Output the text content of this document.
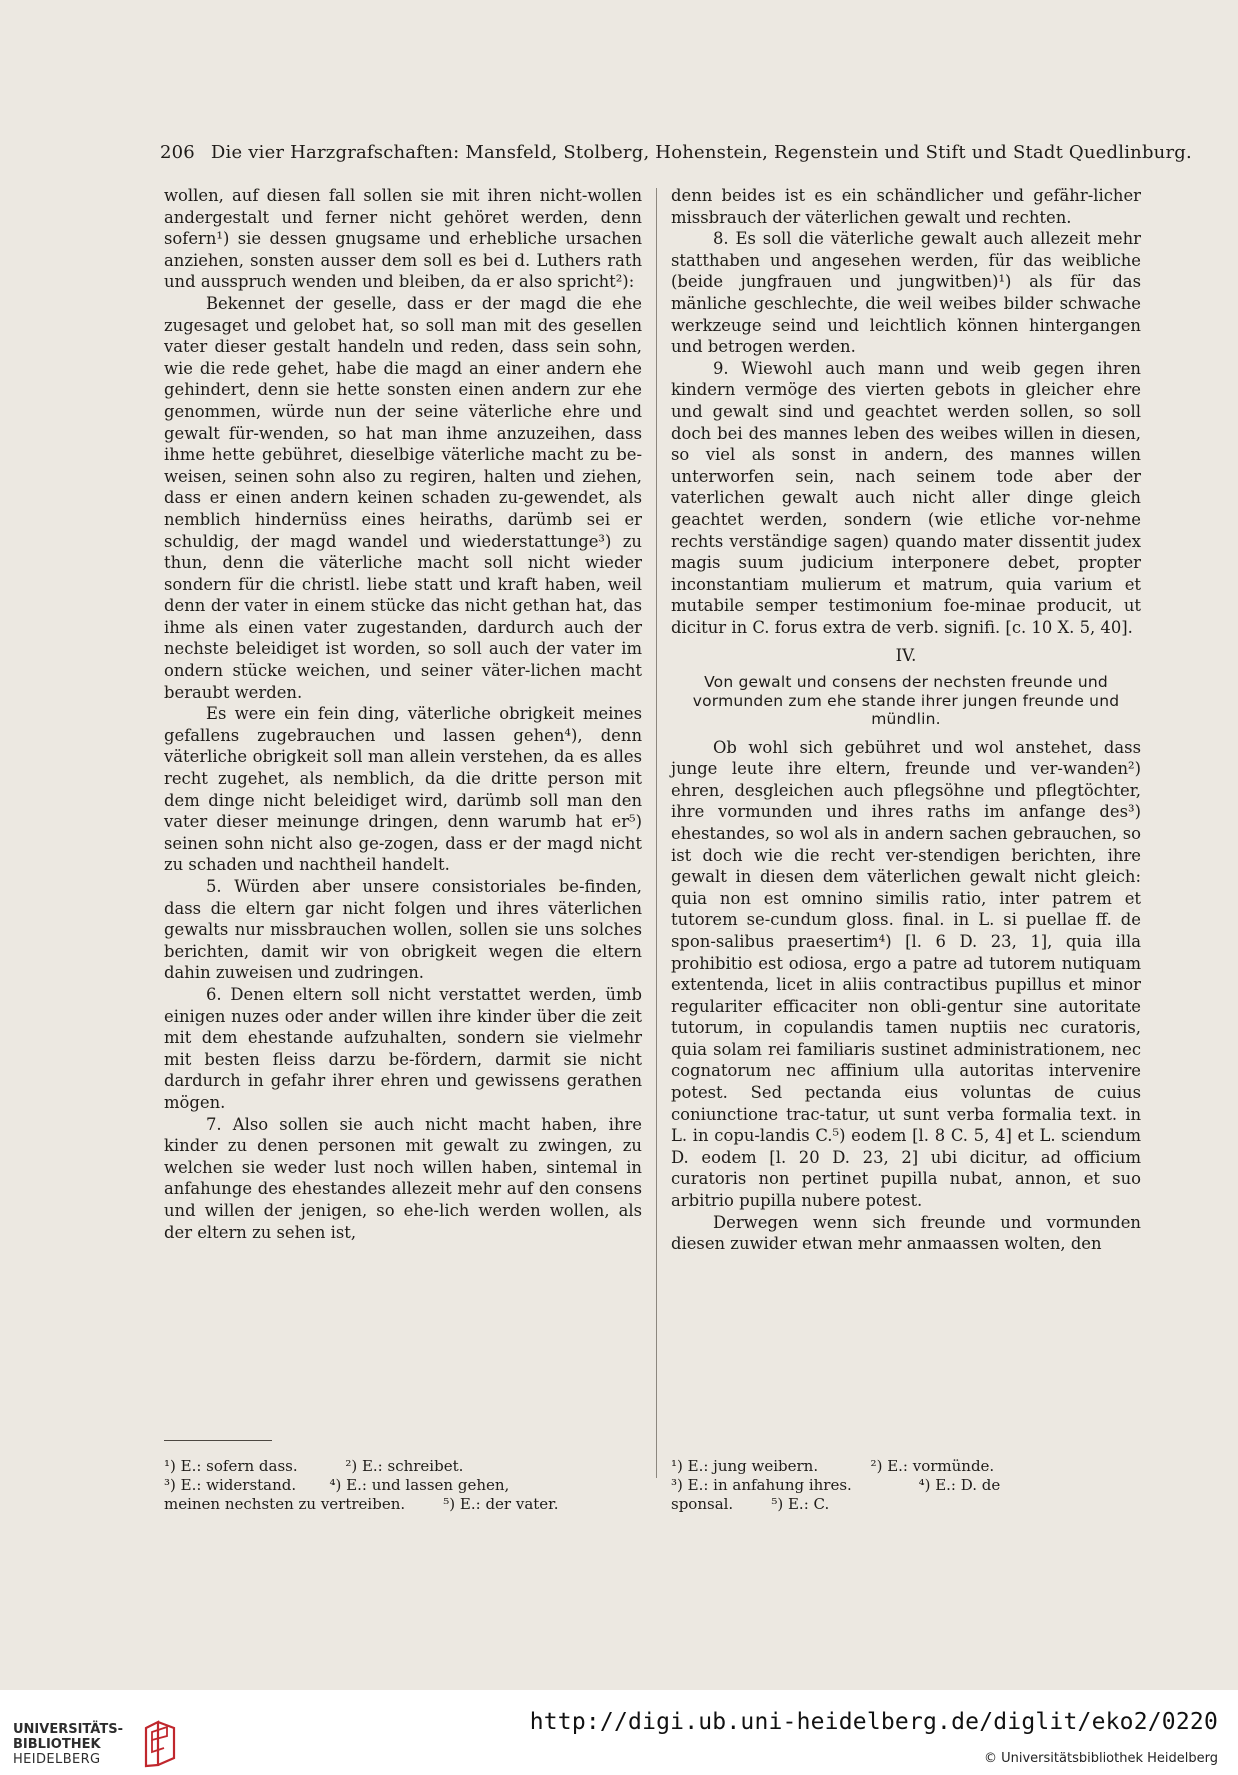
206 Die vier Harzgrafschaften: Mansfeld, Stolberg, Hohenstein, Regenstein und Stift und Stadt Quedlinburg.

wollen, auf diesen fall sollen sie mit ihren nicht-wollen andergestalt und ferner nicht gehöret werden, denn sofern¹) sie dessen gnugsame und erhebliche ursachen anziehen, sonsten ausser dem soll es bei d. Luthers rath und ausspruch wenden und bleiben, da er also spricht²):

Bekennet der geselle, dass er der magd die ehe zugesaget und gelobet hat, so soll man mit des gesellen vater dieser gestalt handeln und reden, dass sein sohn, wie die rede gehet, habe die magd an einer andern ehe gehindert, denn sie hette sonsten einen andern zur ehe genommen, würde nun der seine väterliche ehre und gewalt für-wenden, so hat man ihme anzuzeihen, dass ihme hette gebühret, dieselbige väterliche macht zu be-weisen, seinen sohn also zu regiren, halten und ziehen, dass er einen andern keinen schaden zu-gewendet, als nemblich hindernüss eines heiraths, darümb sei er schuldig, der magd wandel und wiederstattunge³) zu thun, denn die väterliche macht soll nicht wieder sondern für die christl. liebe statt und kraft haben, weil denn der vater in einem stücke das nicht gethan hat, das ihme als einen vater zugestanden, dardurch auch der nechste beleidiget ist worden, so soll auch der vater im ondern stücke weichen, und seiner väter-lichen macht beraubt werden.

Es were ein fein ding, väterliche obrigkeit meines gefallens zugebrauchen und lassen gehen⁴), denn väterliche obrigkeit soll man allein verstehen, da es alles recht zugehet, als nemblich, da die dritte person mit dem dinge nicht beleidiget wird, darümb soll man den vater dieser meinunge dringen, denn warumb hat er⁵) seinen sohn nicht also ge-zogen, dass er der magd nicht zu schaden und nachtheil handelt.

5. Würden aber unsere consistoriales be-finden, dass die eltern gar nicht folgen und ihres väterlichen gewalts nur missbrauchen wollen, sollen sie uns solches berichten, damit wir von obrigkeit wegen die eltern dahin zuweisen und zudringen.

6. Denen eltern soll nicht verstattet werden, ümb einigen nuzes oder ander willen ihre kinder über die zeit mit dem ehestande aufzuhalten, sondern sie vielmehr mit besten fleiss darzu be-fördern, darmit sie nicht dardurch in gefahr ihrer ehren und gewissens gerathen mögen.

7. Also sollen sie auch nicht macht haben, ihre kinder zu denen personen mit gewalt zu zwingen, zu welchen sie weder lust noch willen haben, sintemal in anfahunge des ehestandes allezeit mehr auf den consens und willen der jenigen, so ehe-lich werden wollen, als der eltern zu sehen ist,

denn beides ist es ein schändlicher und gefähr-licher missbrauch der väterlichen gewalt und rechten.

8. Es soll die väterliche gewalt auch allezeit mehr statthaben und angesehen werden, für das weibliche (beide jungfrauen und jungwitben)¹) als für das mänliche geschlechte, die weil weibes bilder schwache werkzeuge seind und leichtlich können hintergangen und betrogen werden.

9. Wiewohl auch mann und weib gegen ihren kindern vermöge des vierten gebots in gleicher ehre und gewalt sind und geachtet werden sollen, so soll doch bei des mannes leben des weibes willen in diesen, so viel als sonst in andern, des mannes willen unterworfen sein, nach seinem tode aber der vaterlichen gewalt auch nicht aller dinge gleich geachtet werden, sondern (wie etliche vor-nehme rechts verständige sagen) quando mater dissentit judex magis suum judicium interponere debet, propter inconstantiam mulierum et matrum, quia varium et mutabile semper testimonium foe-minae producit, ut dicitur in C. forus extra de verb. signifi. [c. 10 X. 5, 40].

IV.
Von gewalt und consens der nechsten freunde und vormunden zum ehe stande ihrer jungen freunde und mündlin.

Ob wohl sich gebühret und wol anstehet, dass junge leute ihre eltern, freunde und ver-wanden²) ehren, desgleichen auch pflegsöhne und pflegtöchter, ihre vormunden und ihres raths im anfange des³) ehestandes, so wol als in andern sachen gebrauchen, so ist doch wie die recht ver-stendigen berichten, ihre gewalt in diesen dem väterlichen gewalt nicht gleich: quia non est omnino similis ratio, inter patrem et tutorem se-cundum gloss. final. in L. si puellae ff. de spon-salibus praesertim⁴) [l. 6 D. 23, 1], quia illa prohibitio est odiosa, ergo a patre ad tutorem nutiquam extentenda, licet in aliis contractibus pupillus et minor regulariter efficaciter non obli-gentur sine autoritate tutorum, in copulandis tamen nuptiis nec curatoris, quia solam rei familiaris sustinet administrationem, nec cognatorum nec affinium ulla autoritas intervenire potest. Sed pectanda eius voluntas de cuius coniunctione trac-tatur, ut sunt verba formalia text. in L. in copu-landis C.⁵) eodem [l. 8 C. 5, 4] et L. sciendum D. eodem [l. 20 D. 23, 2] ubi dicitur, ad officium curatoris non pertinet pupilla nubat, annon, et suo arbitrio pupilla nubere potest.

Derwegen wenn sich freunde und vormunden diesen zuwider etwan mehr anmaassen wolten, den

¹) E.: sofern dass.          ²) E.: schreibet.
³) E.: widerstand.       ⁴) E.: und lassen gehen,
meinen nechsten zu vertreiben.        ⁵) E.: der vater.
¹) E.: jung weibern.           ²) E.: vormünde.
³) E.: in anfahung ihres.              ⁴) E.: D. de
sponsal.        ⁵) E.: C.
UNIVERSITÄTS-
BIBLIOTHEK
HEIDELBERG
http://digi.ub.uni-heidelberg.de/diglit/eko2/0220
© Universitätsbibliothek Heidelberg
